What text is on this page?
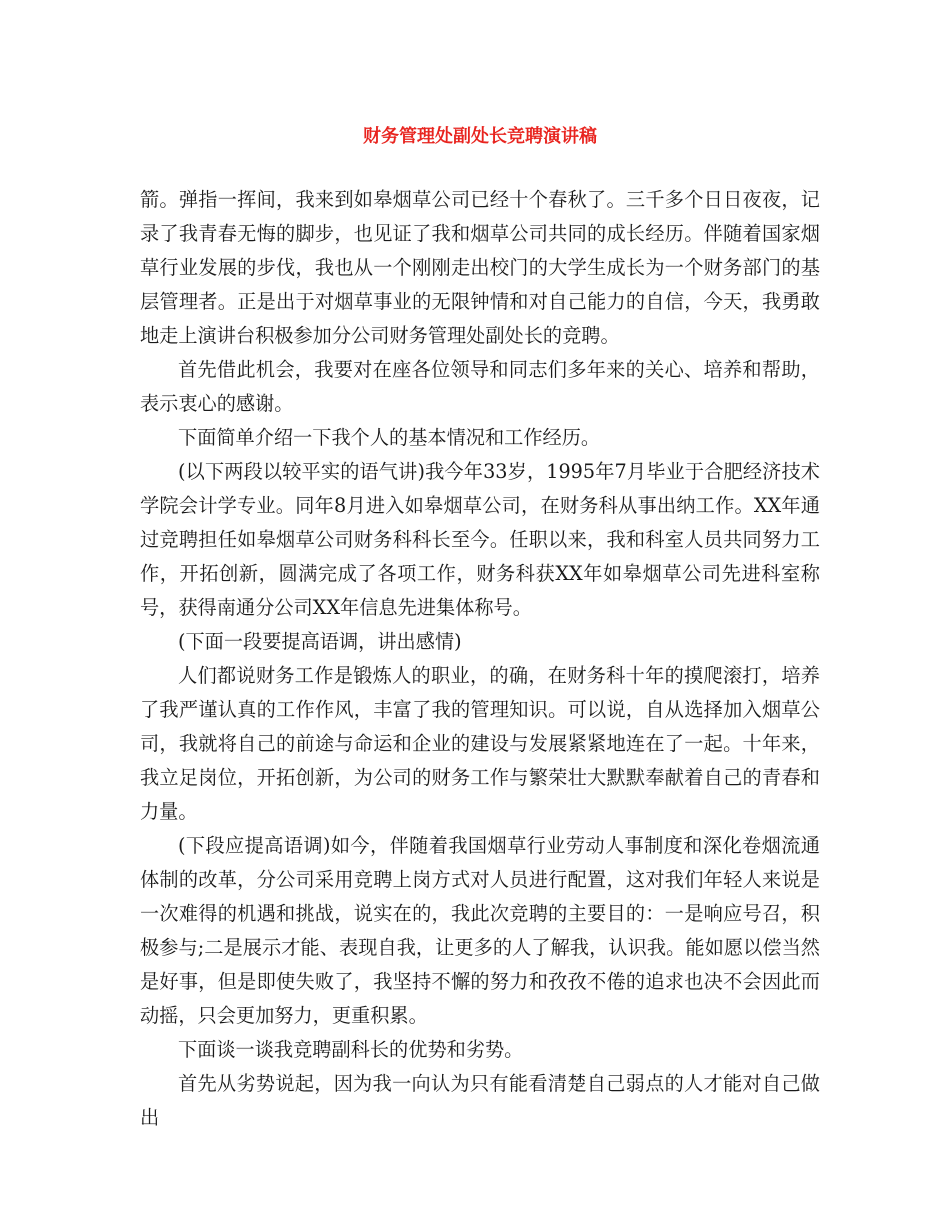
财务管理处副处长竞聘演讲稿

箭。弹指一挥间，我来到如皋烟草公司已经十个春秋了。三千多个日日夜夜，记录了我青春无悔的脚步，也见证了我和烟草公司共同的成长经历。伴随着国家烟草行业发展的步伐，我也从一个刚刚走出校门的大学生成长为一个财务部门的基层管理者。正是出于对烟草事业的无限钟情和对自己能力的自信，今天，我勇敢地走上演讲台积极参加分公司财务管理处副处长的竞聘。

首先借此机会，我要对在座各位领导和同志们多年来的关心、培养和帮助，表示衷心的感谢。

下面简单介绍一下我个人的基本情况和工作经历。

(以下两段以较平实的语气讲)我今年33岁，1995年7月毕业于合肥经济技术学院会计学专业。同年8月进入如皋烟草公司，在财务科从事出纳工作。XX年通过竞聘担任如皋烟草公司财务科科长至今。任职以来，我和科室人员共同努力工作，开拓创新，圆满完成了各项工作，财务科获XX年如皋烟草公司先进科室称号，获得南通分公司XX年信息先进集体称号。

(下面一段要提高语调，讲出感情)

人们都说财务工作是锻炼人的职业，的确，在财务科十年的摸爬滚打，培养了我严谨认真的工作作风，丰富了我的管理知识。可以说，自从选择加入烟草公司，我就将自己的前途与命运和企业的建设与发展紧紧地连在了一起。十年来，我立足岗位，开拓创新，为公司的财务工作与繁荣壮大默默奉献着自己的青春和力量。

(下段应提高语调)如今，伴随着我国烟草行业劳动人事制度和深化卷烟流通体制的改革，分公司采用竞聘上岗方式对人员进行配置，这对我们年轻人来说是一次难得的机遇和挑战，说实在的，我此次竞聘的主要目的：一是响应号召，积极参与;二是展示才能、表现自我，让更多的人了解我，认识我。能如愿以偿当然是好事，但是即使失败了，我坚持不懈的努力和孜孜不倦的追求也决不会因此而动摇，只会更加努力，更重积累。

下面谈一谈我竞聘副科长的优势和劣势。

首先从劣势说起，因为我一向认为只有能看清楚自己弱点的人才能对自己做出
